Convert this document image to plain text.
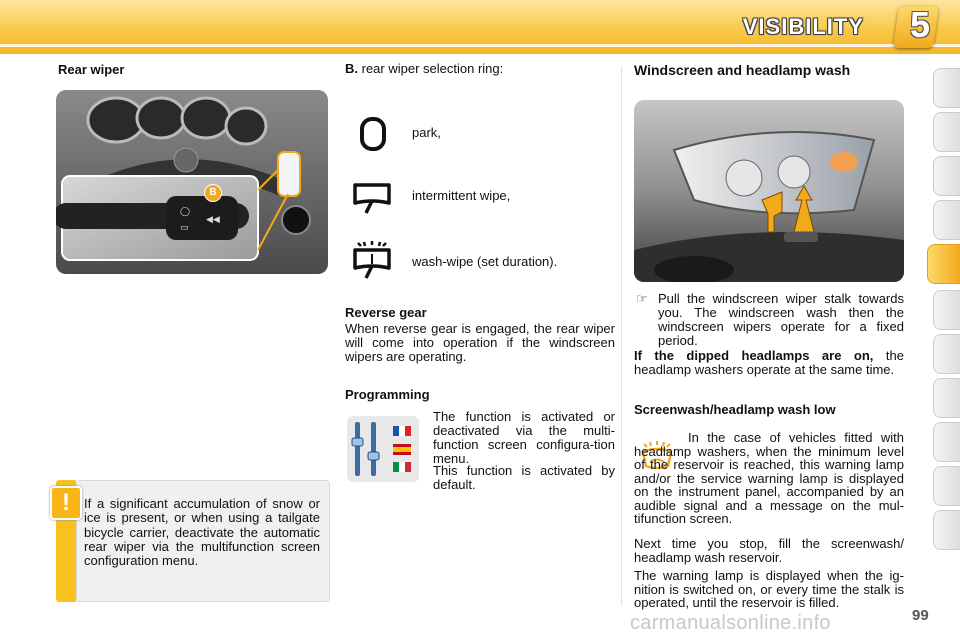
VISIBILITY 5
Rear wiper
◯
▭
◀◀
B
!	If a significant accumulation of snow or ice is present, or when using a tailgate bicycle carrier, deactivate the automatic rear wiper via the multifunction screen configuration menu.
B. rear wiper selection ring:
park,
intermittent wipe,
wash-wipe (set duration).
Reverse gear
When reverse gear is engaged, the rear wiper will come into operation if the windscreen wipers are operating.
Programming
The function is activated or deactivated via the multi-function screen configura-tion menu.
This function is activated by default.
Windscreen and headlamp wash
☞ Pull the windscreen wiper stalk towards you. The windscreen wash then the windscreen wipers operate for a fixed period.
If the dipped headlamps are on, the headlamp washers operate at the same time.
Screenwash/headlamp wash low
In the case of vehicles fitted with headlamp washers, when the minimum level of the reservoir is reached, this warning lamp and/or the service warning lamp is displayed on the instrument panel, accompanied by an audible signal and a message on the mul-tifunction screen.
Next time you stop, fill the screenwash/ headlamp wash reservoir.
The warning lamp is displayed when the ig-nition is switched on, or every time the stalk is operated, until the reservoir is filled.
carmanualsonline.info	99
